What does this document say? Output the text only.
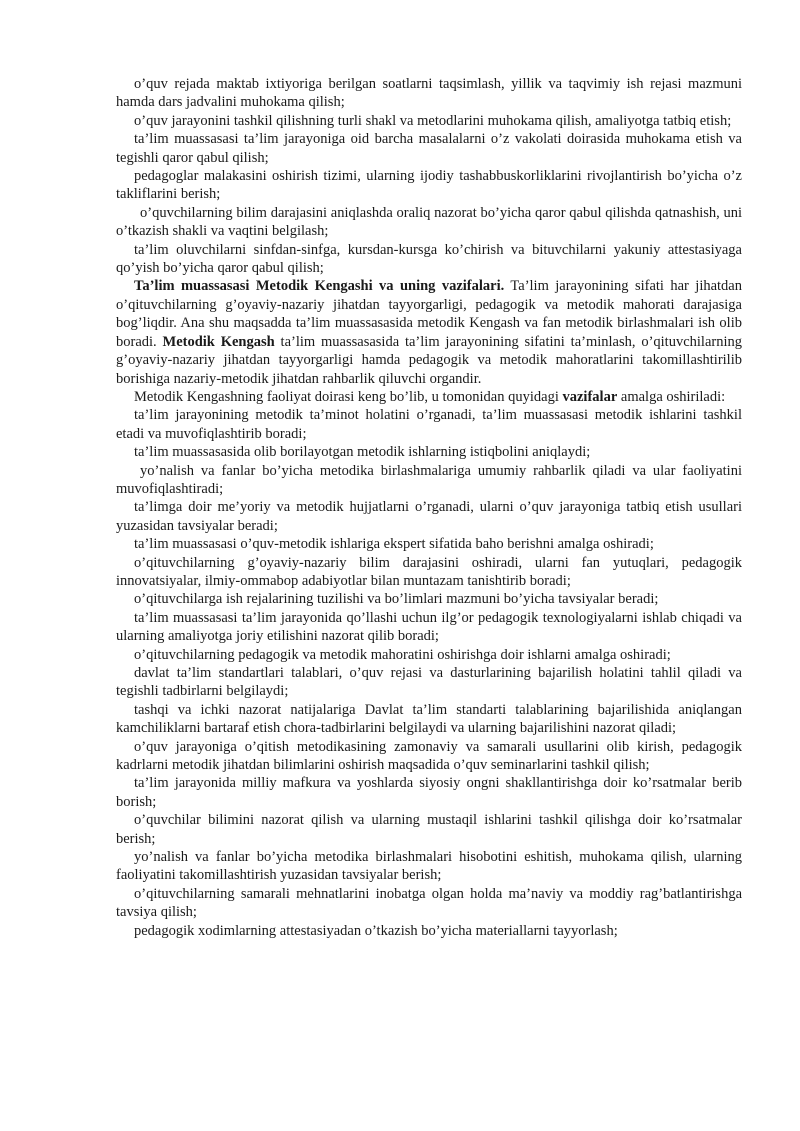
o’quv rejada maktab ixtiyoriga berilgan soatlarni taqsimlash, yillik va taqvimiy ish rejasi mazmuni hamda dars jadvalini muhokama qilish;

o’quv jarayonini tashkil qilishning turli shakl va metodlarini muhokama qilish, amaliyotga tatbiq etish;

ta’lim muassasasi ta’lim jarayoniga oid barcha masalalarni o’z vakolati doirasida muhokama etish va tegishli qaror qabul qilish;

pedagoglar malakasini oshirish tizimi, ularning ijodiy tashabbuskorliklarini rivojlantirish bo’yicha o’z takliflarini berish;

o’quvchilarning bilim darajasini aniqlashda oraliq nazorat bo’yicha qaror qabul qilishda qatnashish, uni o’tkazish shakli va vaqtini belgilash;

ta’lim oluvchilarni sinfdan-sinfga, kursdan-kursga ko’chirish va bituvchilarni yakuniy attestasiyaga qo’yish bo’yicha qaror qabul qilish;

Ta’lim muassasasi Metodik Kengashi va uning vazifalari. Ta’lim jarayonining sifati har jihatdan o’qituvchilarning g’oyaviy-nazariy jihatdan tayyorgarligi, pedagogik va metodik mahorati darajasiga bog’liqdir. Ana shu maqsadda ta’lim muassasasida metodik Kengash va fan metodik birlashmalari ish olib boradi. Metodik Kengash ta’lim muassasasida ta’lim jarayonining sifatini ta’minlash, o’qituvchilarning g’oyaviy-nazariy jihatdan tayyorgarligi hamda pedagogik va metodik mahoratlarini takomillashtirilib borishiga nazariy-metodik jihatdan rahbarlik qiluvchi organdir.

Metodik Kengashning faoliyat doirasi keng bo’lib, u tomonidan quyidagi vazifalar amalga oshiriladi:

ta’lim jarayonining metodik ta’minot holatini o’rganadi, ta’lim muassasasi metodik ishlarini tashkil etadi va muvofiqlashtirib boradi;

ta’lim muassasasida olib borilayotgan metodik ishlarning istiqbolini aniqlaydi;

yo’nalish va fanlar bo’yicha metodika birlashmalariga umumiy rahbarlik qiladi va ular faoliyatini muvofiqlashtiradi;

ta’limga doir me’yoriy va metodik hujjatlarni o’rganadi, ularni o’quv jarayoniga tatbiq etish usullari yuzasidan tavsiyalar beradi;

ta’lim muassasasi o’quv-metodik ishlariga ekspert sifatida baho berishni amalga oshiradi;

o’qituvchilarning g’oyaviy-nazariy bilim darajasini oshiradi, ularni fan yutuqlari, pedagogik innovatsiyalar, ilmiy-ommabop adabiyotlar bilan muntazam tanishtirib boradi;

o’qituvchilarga ish rejalarining tuzilishi va bo’limlari mazmuni bo’yicha tavsiyalar beradi;

ta’lim muassasasi ta’lim jarayonida qo’llashi uchun ilg’or pedagogik texnologiyalarni ishlab chiqadi va ularning amaliyotga joriy etilishini nazorat qilib boradi;

o’qituvchilarning pedagogik va metodik mahoratini oshirishga doir ishlarni amalga oshiradi;

davlat ta’lim standartlari talablari, o’quv rejasi va dasturlarining bajarilish holatini tahlil qiladi va tegishli tadbirlarni belgilaydi;

tashqi va ichki nazorat natijalariga Davlat ta’lim standarti talablarining bajarilishida aniqlangan kamchiliklarni bartaraf etish chora-tadbirlarini belgilaydi va ularning bajarilishini nazorat qiladi;

o’quv jarayoniga o’qitish metodikasining zamonaviy va samarali usullarini olib kirish, pedagogik kadrlarni metodik jihatdan bilimlarini oshirish maqsadida o’quv seminarlarini tashkil qilish;

ta’lim jarayonida milliy mafkura va yoshlarda siyosiy ongni shakllantirishga doir ko’rsatmalar berib borish;

o’quvchilar bilimini nazorat qilish va ularning mustaqil ishlarini tashkil qilishga doir ko’rsatmalar berish;

yo’nalish va fanlar bo’yicha metodika birlashmalari hisobotini eshitish, muhokama qilish, ularning faoliyatini takomillashtirish yuzasidan tavsiyalar berish;

o’qituvchilarning samarali mehnatlarini inobatga olgan holda ma’naviy va moddiy rag’batlantirishga tavsiya qilish;

pedagogik xodimlarning attestasiyadan o’tkazish bo’yicha materiallarni tayyorlash;
